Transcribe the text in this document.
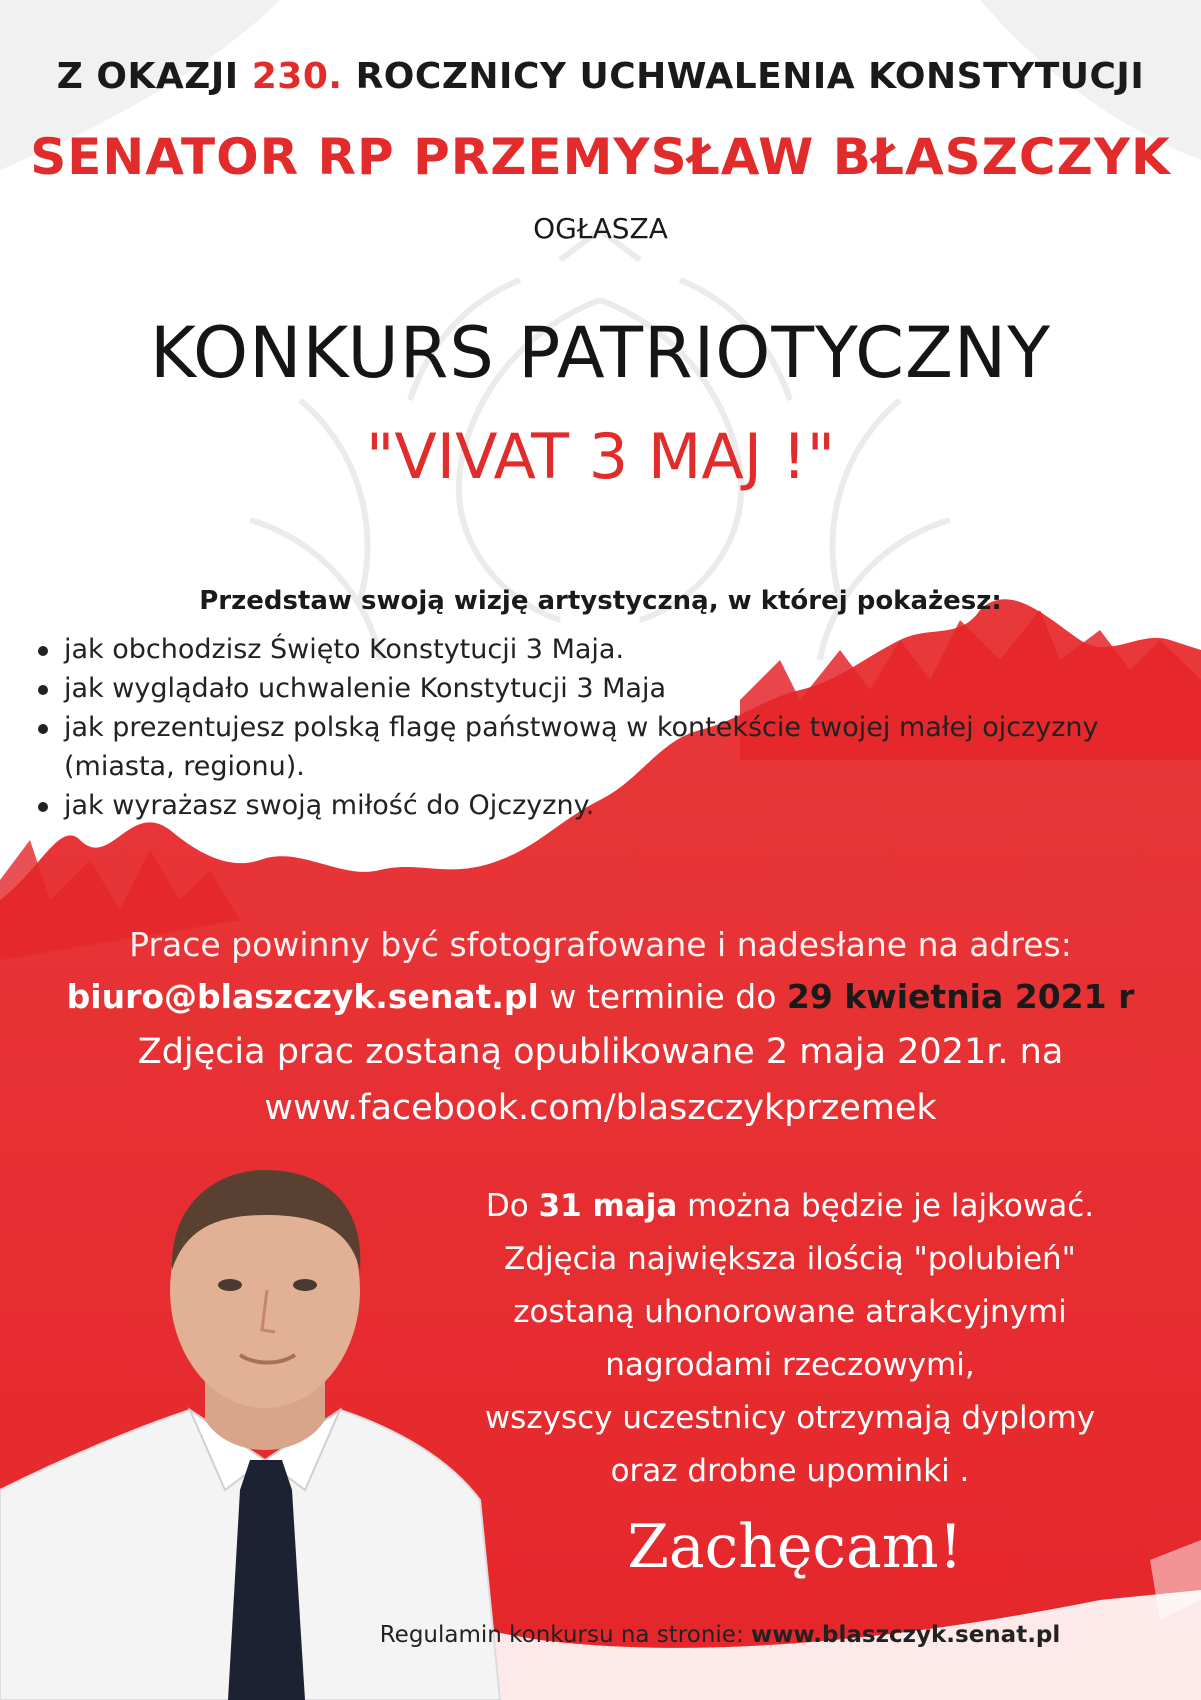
Z OKAZJI 230. ROCZNICY UCHWALENIA KONSTYTUCJI
SENATOR RP PRZEMYSŁAW BŁASZCZYK
OGŁASZA
KONKURS PATRIOTYCZNY
"VIVAT 3 MAJ !"
Przedstaw swoją wizję artystyczną, w której pokażesz:
jak obchodzisz Święto Konstytucji 3 Maja.
jak wyglądało uchwalenie Konstytucji 3 Maja
jak prezentujesz polską flagę państwową w kontekście twojej małej ojczyzny (miasta, regionu).
jak wyrażasz swoją miłość do Ojczyzny.
Prace powinny być sfotografowane i nadesłane na adres:
biuro@blaszczyk.senat.pl w terminie do 29 kwietnia 2021 r
Zdjęcia prac zostaną opublikowane 2 maja 2021r. na
www.facebook.com/blaszczykprzemek
Do 31 maja można będzie je lajkować.
Zdjęcia największa ilością "polubień"
zostaną uhonorowane atrakcyjnymi
nagrodami rzeczowymi,
wszyscy uczestnicy otrzymają dyplomy
oraz drobne upominki .
Zachęcam!
Regulamin konkursu na stronie: www.blaszczyk.senat.pl
